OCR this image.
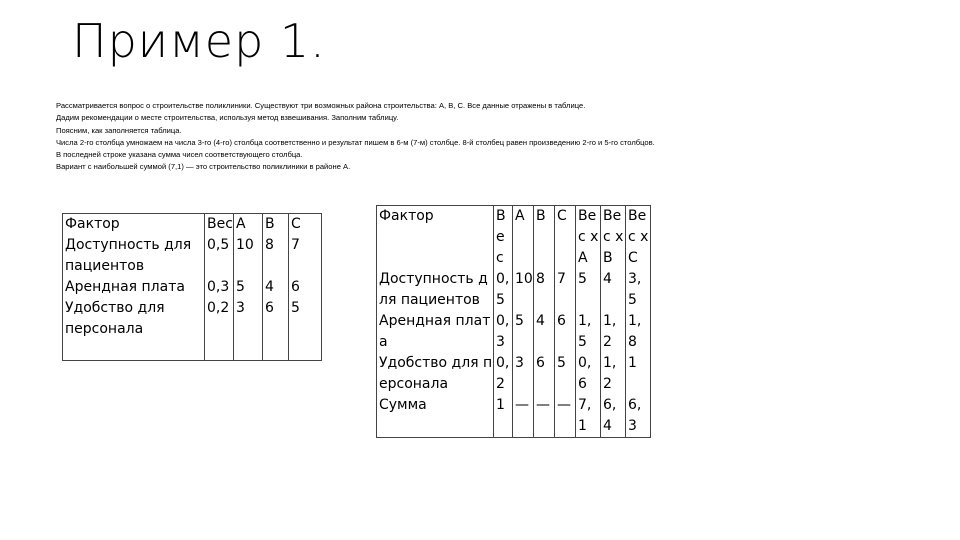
Пример 1.
Рассматривается вопрос о строительстве поликлиники. Существуют три возможных района строительства: А, В, С. Все данные отражены в таблице.
Дадим рекомендации о месте строительства, используя метод взвешивания. Заполним таблицу.
Поясним, как заполняется таблица.
Числа 2-го столбца умножаем на числа 3-го (4-го) столбца соответственно и результат пишем в 6-м (7-м) столбце. 8-й столбец равен произведению 2-го и 5-го столбцов.
В последней строке указана сумма чисел соответствующего столбца.
Вариант с наибольшей суммой (7,1) — это строительство поликлиники в районе А.
Фактор	Вес	А	В	С
Доступность для пациентов	0,5	10	8	7
Арендная плата	0,3	5	4	6
Удобство для персонала	0,2	3	6	5
Фактор	Вес	А	В	С	Вес х А	Вес х В	Вес х С
Доступность для пациентов	0,5	10	8	7	5	4	3,5
Арендная плата	0,3	5	4	6	1,5	1,2	1,8
Удобство для персонала	0,2	3	6	5	0,6	1,2	1
Сумма	1	—	—	—	7,1	6,4	6,3
